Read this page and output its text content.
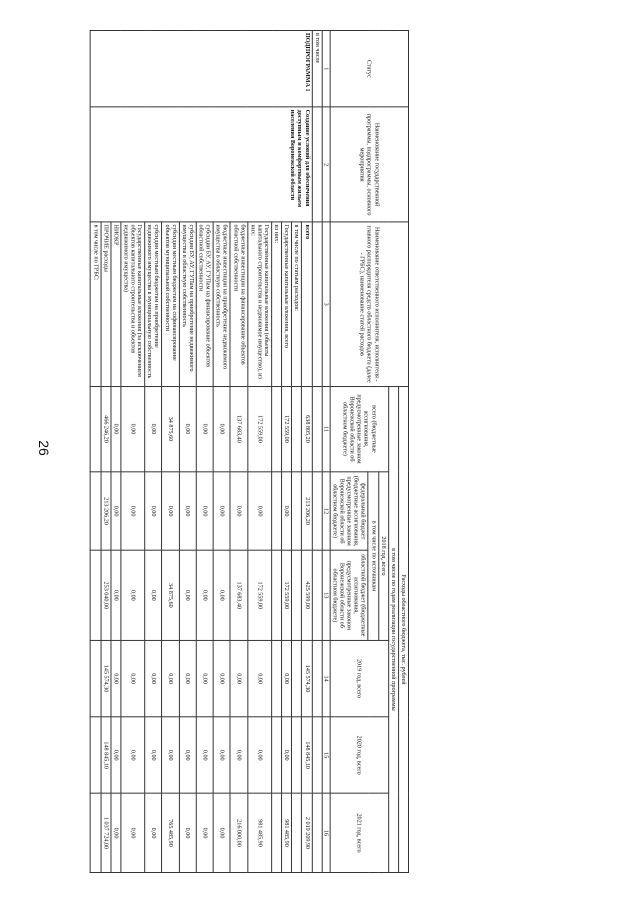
26
Статус	Наименование государственной программы, подпрограммы, основного мероприятия	Наименование ответственного исполнителя, исполнителя - главного распорядителя средств областного бюджета (далее - ГРБС), наименование статей расходов	Расходы областного бюджета, тыс. рублей					
			в том числе по годам реализации государственной программы					
			всего (бюджетные ассигнования, предусмотренные законом Воронежской области об областном бюджете)	2018 год, всего		2019 год, всего	2020 год, всего	2021 год, всего
				в том числе по источникам				
				федеральный бюджет (бюджетные ассигнования, предусмотренные законом Воронежской области об областном бюджете)	областной бюджет (бюджетные ассигнования, предусмотренные законом Воронежской области об областном бюджете)			
1	2	3	11	12	13	14	15	16
в том числе								
ПОДПРОГРАММА 1	Создание условий для обеспечения доступным и комфортным жильем населения Воронежской области	всего	638 805,20	213 206,20	425 599,00	145 574,30	148 845,10	2 019 209,90
		в том числе по статьям расходов:						
		Государственные капитальные вложения, всего	172 559,00	0,00	172 559,00	0,00	0,00	981 485,90
		из них:						
		Государственные капитальные вложения (объекты капитального строительства и недвижимое имущество), из них:	172 559,00	0,00	172 559,00	0,00	0,00	981 485,90
		бюджетные инвестиции на финансирование объектов областной собственности	137 683,40	0,00	137 683,40	0,00	0,00	216 000,00
		бюджетные инвестиции на приобретение недвижимого имущества в областную собственность	0,00	0,00	0,00	0,00	0,00	0,00
		субсидии БУ, АУ, ГУПам на финансирование объектов областной собственности	0,00	0,00	0,00	0,00	0,00	0,00
		субсидии БУ, АУ, ГУПам на приобретение недвижимого имущества в областную собственность	0,00	0,00	0,00	0,00	0,00	0,00
		субсидии местным бюджетам на софинансирование объектов муниципальной собственности	34 875,60	0,00	34 875,60	0,00	0,00	765 485,90
		субсидии местным бюджетам на приобретение недвижимого имущества в муниципальную собственность	0,00	0,00	0,00	0,00	0,00	0,00
		Государственные капитальные вложения (за исключением объектов капитального строительства и объектов недвижимого имущества)	0,00	0,00	0,00	0,00	0,00	0,00
		НИОКР	0,00	0,00	0,00	0,00	0,00	0,00
		ПРОЧИЕ расходы	466 246,20	213 206,20	253 040,00	145 574,30	148 845,10	1 037 724,00
		в том числе по ГРБС:						
